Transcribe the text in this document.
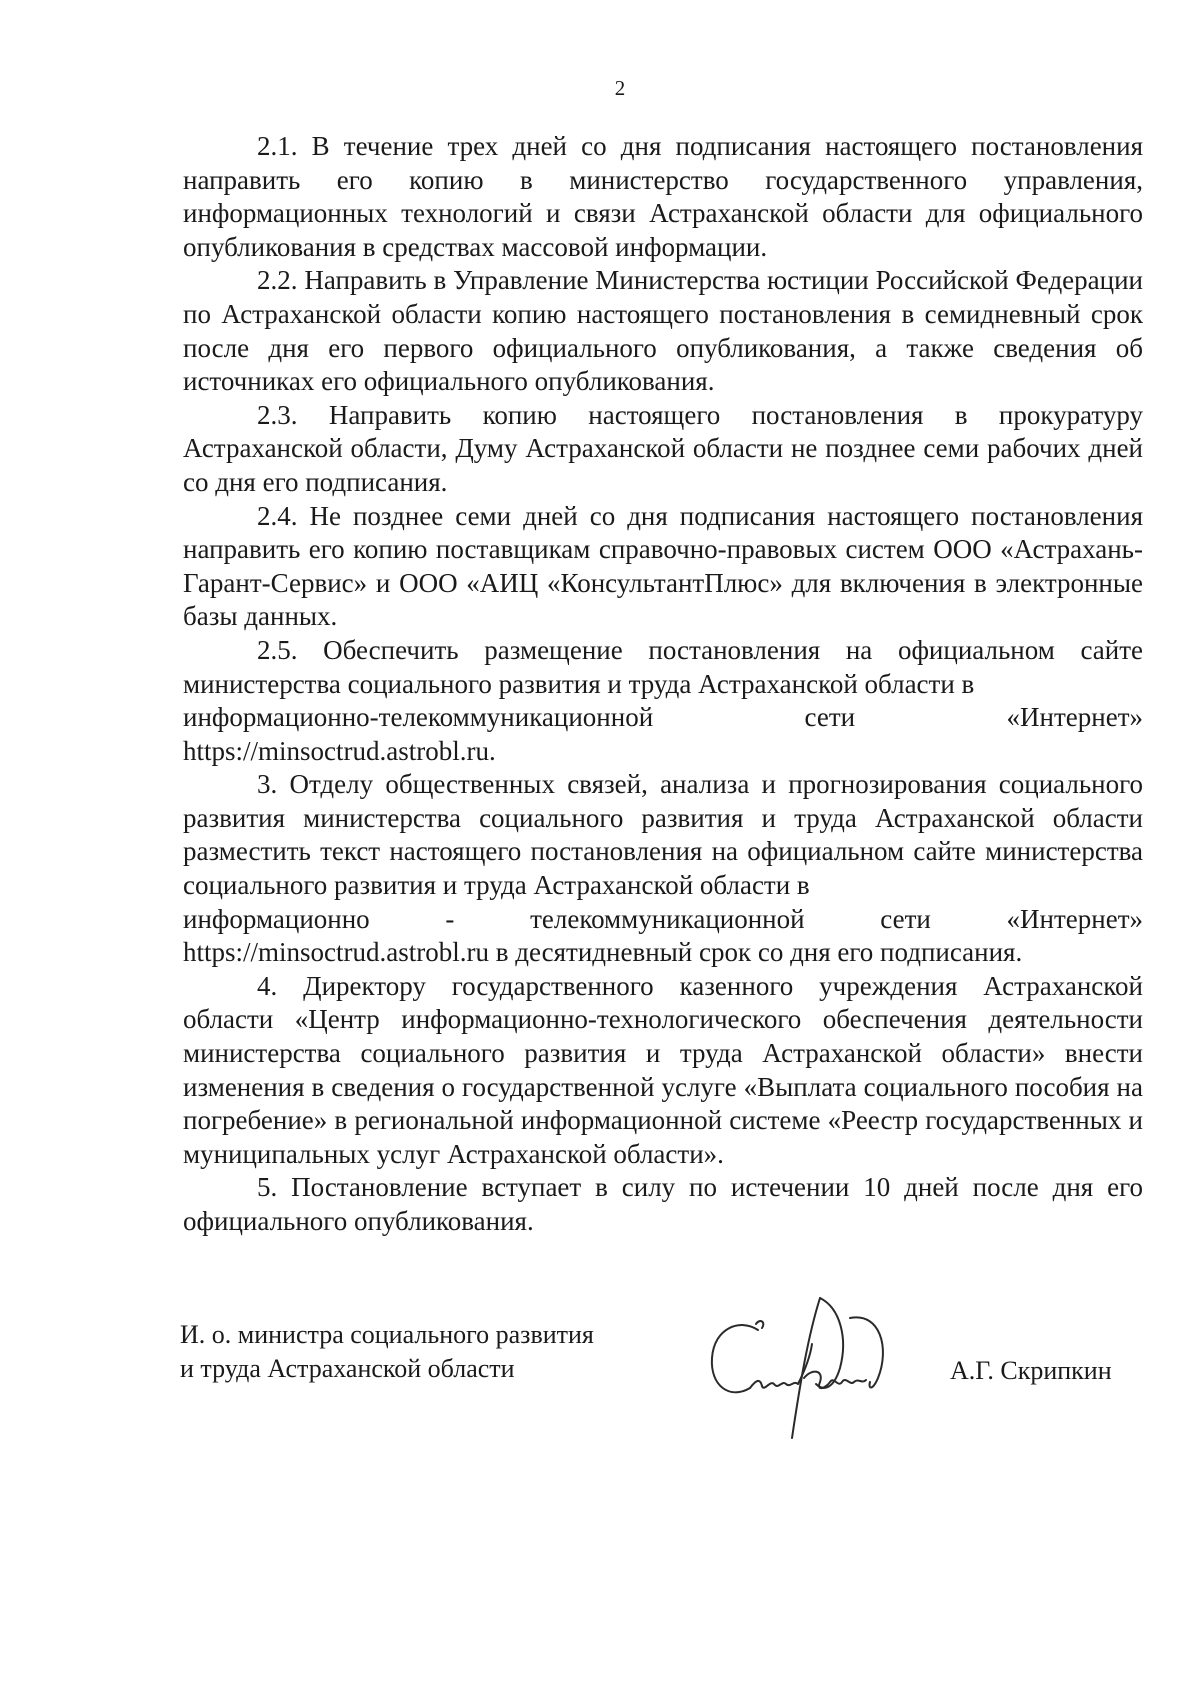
2

2.1. В течение трех дней со дня подписания настоящего постановления направить его копию в министерство государственного управления, информационных технологий и связи Астраханской области для официального опубликования в средствах массовой информации.

2.2. Направить в Управление Министерства юстиции Российской Федерации по Астраханской области копию настоящего постановления в семидневный срок после дня его первого официального опубликования, а также сведения об источниках его официального опубликования.

2.3. Направить копию настоящего постановления в прокуратуру Астраханской области, Думу Астраханской области не позднее семи рабочих дней со дня его подписания.

2.4. Не позднее семи дней со дня подписания настоящего постановления направить его копию поставщикам справочно-правовых систем ООО «Астрахань-Гарант-Сервис» и ООО «АИЦ «КонсультантПлюс» для включения в электронные базы данных.

2.5. Обеспечить размещение постановления на официальном сайте министерства социального развития и труда Астраханской области в

информационно-телекоммуникационной сети «Интернет»

https://minsoctrud.astrobl.ru.

3. Отделу общественных связей, анализа и прогнозирования социального развития министерства социального развития и труда Астраханской области разместить текст настоящего постановления на официальном сайте министерства социального развития и труда Астраханской области в

информационно - телекоммуникационной сети «Интернет»

https://minsoctrud.astrobl.ru в десятидневный срок со дня его подписания.

4. Директору государственного казенного учреждения Астраханской области «Центр информационно-технологического обеспечения деятельности министерства социального развития и труда Астраханской области» внести изменения в сведения о государственной услуге «Выплата социального пособия на погребение» в региональной информационной системе «Реестр государственных и муниципальных услуг Астраханской области».

5. Постановление вступает в силу по истечении 10 дней после дня его официального опубликования.

И. о. министра социального развития
и труда Астраханской области	А.Г. Скрипкин
